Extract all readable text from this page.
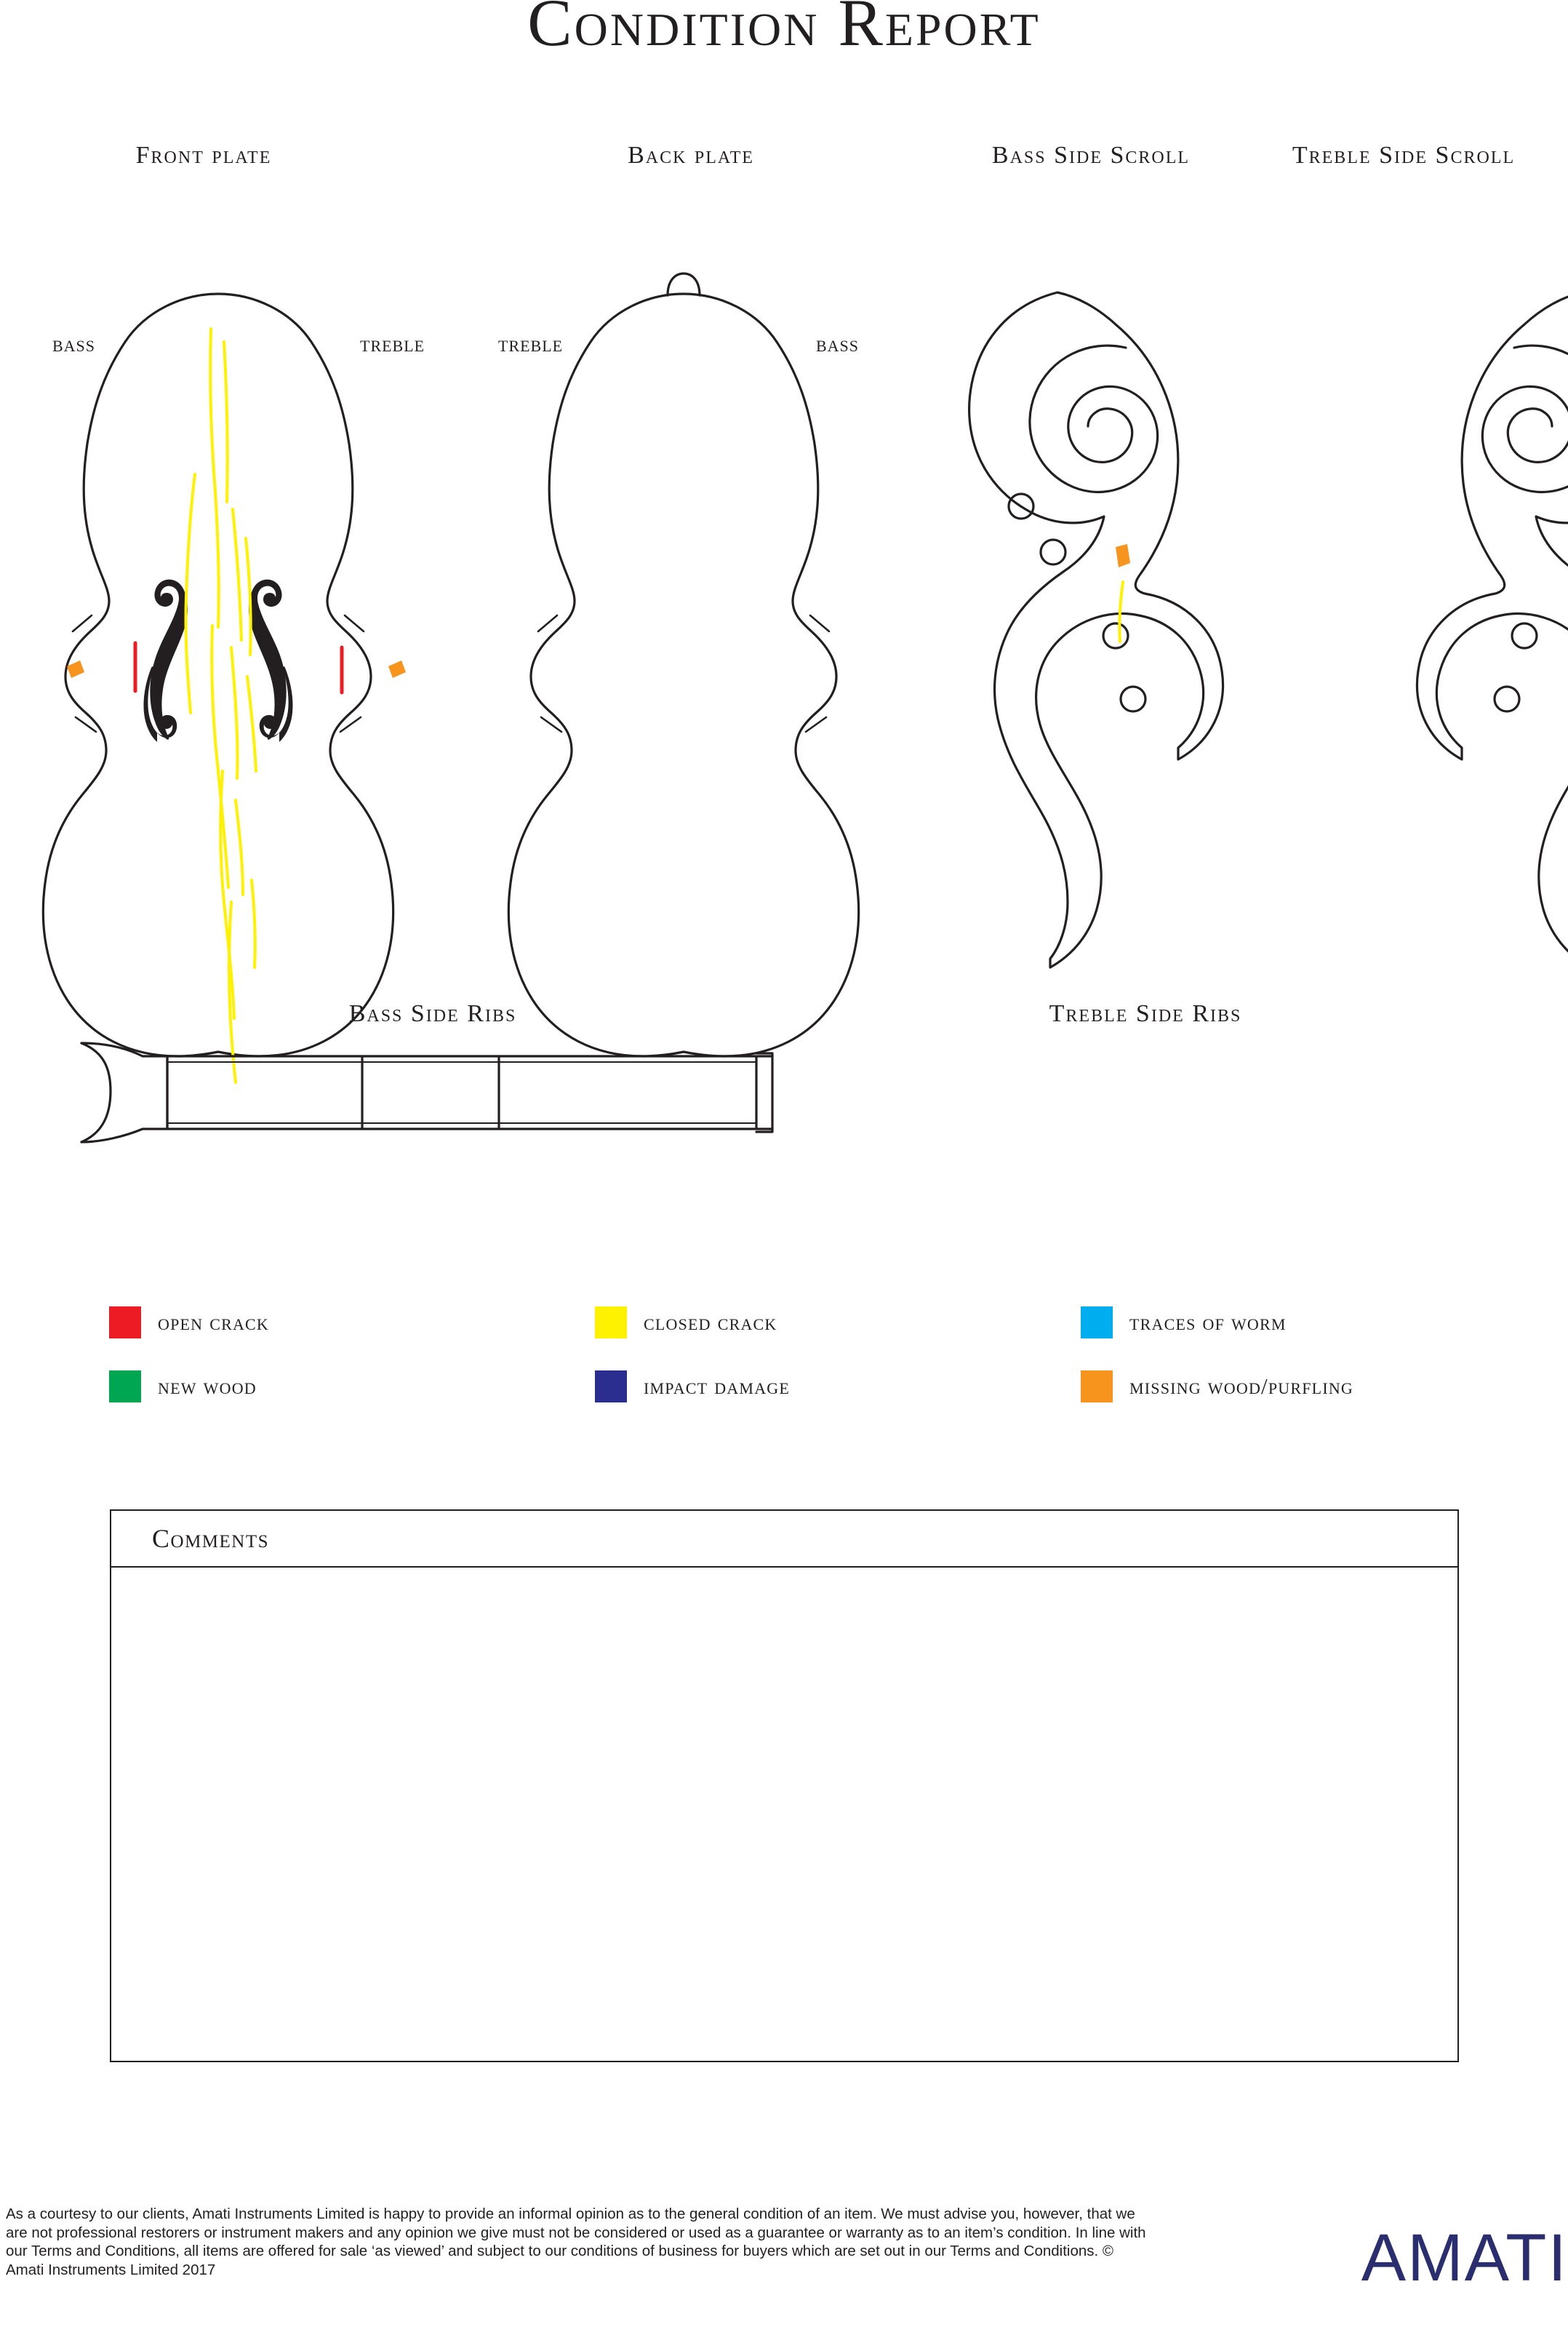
Condition Report
Front plate	Back plate	Bass Side Scroll	Treble Side Scroll
BASS	TREBLE	TREBLE	BASS
Bass Side Ribs	Treble Side Ribs
open crack	closed crack	traces of worm
new wood	impact damage	missing wood/purfling
Comments
As a courtesy to our clients, Amati Instruments Limited is happy to provide an informal opinion as to the general condition of an item. We must advise you, however, that we are not professional restorers or instrument makers and any opinion we give must not be considered or used as a guarantee or warranty as to an item’s condition. In line with our Terms and Conditions, all items are offered for sale ‘as viewed’ and subject to our conditions of business for buyers which are set out in our Terms and Conditions. © Amati Instruments Limited 2017	AMATI
